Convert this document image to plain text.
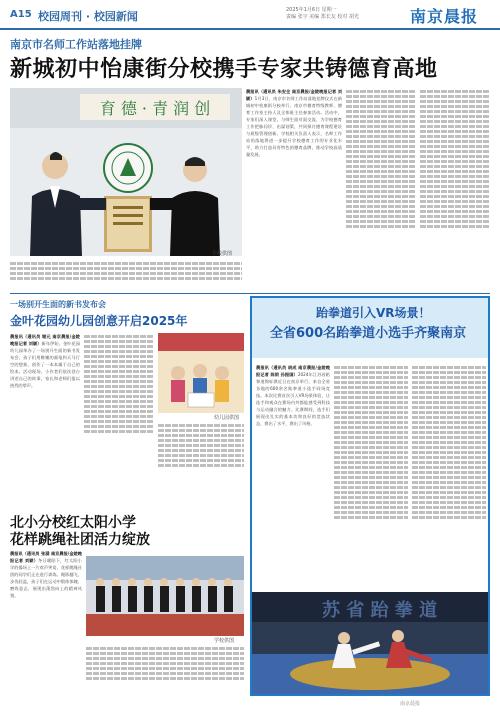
A15 校园周刊 · 校园新闻	2025年1月6日 星期一
责编 张宇 美编 郑长友 校对 胡光	南京晨报
南京市名师工作站落地挂牌
新城初中怡康街分校携手专家共铸德育高地
育 德 · 青 润 创
学校供图
晨报讯（通讯员 朱安全 南京晨报/金陵晚报记者 刘颖）1月3日，南京市名师工作站落地挂牌仪式在新城初中怡康街分校举行。南京市德育特级教师、德育工作室主持人及全体班主任参加活动。活动中，专家们深入课堂，与师生面对面交流，为学校德育工作把脉问诊、出谋划策，共同探讨德育课程建设与班级管理创新。学校相关负责人表示，名师工作站的落地将进一步提升学校德育工作的专业化水平，助力打造具有特色的德育品牌，推动学校高质量发展。
一场别开生面的新书发布会
金叶花园幼儿园创意开启2025年
晨报讯（通讯员 谢元 南京晨报/金陵晚报记者 刘颖）新年伊始，金叶花园幼儿园举办了一场别开生面的新书发布会。孩子们用稚嫩的画笔和天马行空的想象，创作了一本本属于自己的绘本。活动现场，小作者们依次登台讲述自己的故事，家长和老师们报以热烈的掌声。
幼儿园供图
北小分校红太阳小学
花样跳绳社团活力绽放
晨报讯（通讯员 张涵 南京晨报/金陵晚报记者 刘颖）冬日暖阳下，红太阳小学的操场上一片欢声笑语，花样跳绳社团的同学们正在进行训练。绳影翻飞，步伐轻盈，孩子们在运动中锻炼体魄、磨炼意志，展现出蓬勃向上的精神风貌。
学校供图
跆拳道引入VR场景！
全省600名跆拳道小选手齐聚南京
晨报讯（通讯员 胡成 南京晨报/金陵晚报记者 陈雨 孙振国）2024年江苏省跆拳道锦标赛近日在南京举行，来自全省各地的600余名跆拳道小选手同场竞技。本次比赛首次引入VR场景体验，让选手和观众在赛场内外都能感受到科技与运动融合的魅力。比赛期间，选手们展现出扎实的基本功和良好的竞技状态，赛出了水平，赛出了风格。
苏 省 跆 拳 道
南京晨报
